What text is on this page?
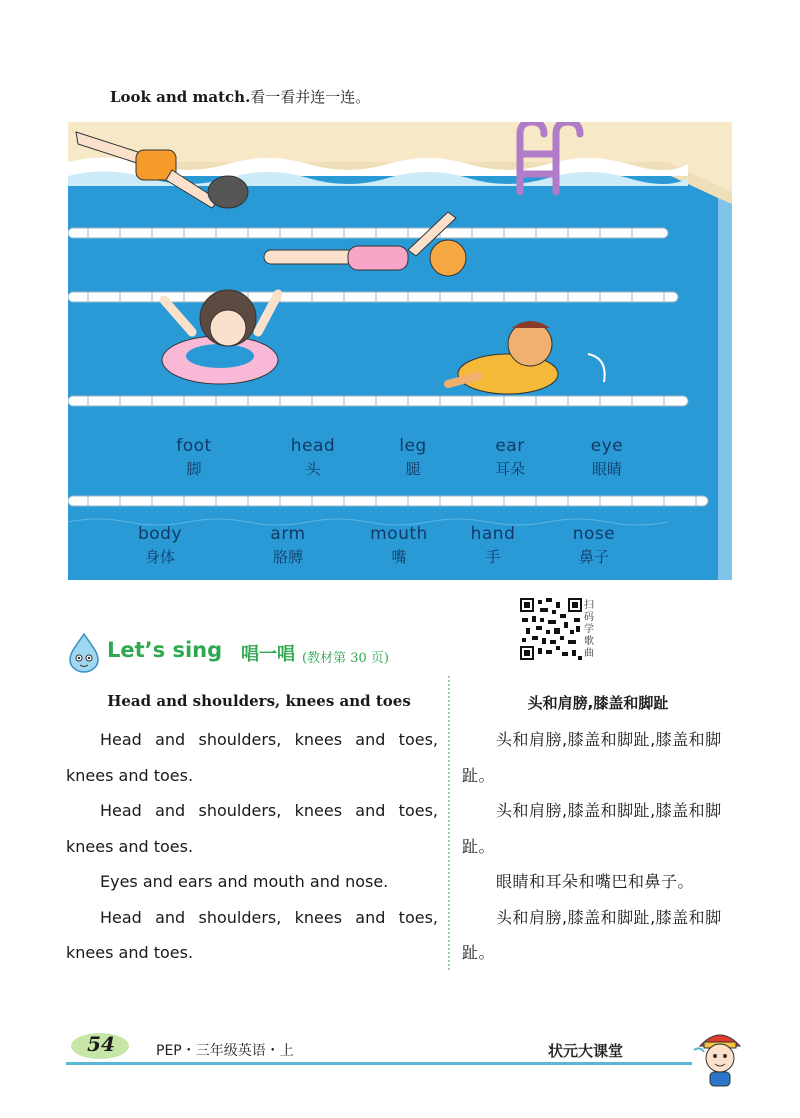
Look and match.看一看并连一连。
foot
脚
head
头
leg
腿
ear
耳朵
eye
眼睛
body
身体
arm
胳膊
mouth
嘴
hand
手
nose
鼻子
扫码学歌曲
Let’s sing 唱一唱 (教材第 30 页)
Head and shoulders, knees and toes

Head and shoulders, knees and toes, knees and toes.

Head and shoulders, knees and toes, knees and toes.

Eyes and ears and mouth and nose.

Head and shoulders, knees and toes, knees and toes.

头和肩膀,膝盖和脚趾

头和肩膀,膝盖和脚趾,膝盖和脚趾。

头和肩膀,膝盖和脚趾,膝盖和脚趾。

眼睛和耳朵和嘴巴和鼻子。

头和肩膀,膝盖和脚趾,膝盖和脚趾。

54	PEP・三年级英语・上	状元大课堂
